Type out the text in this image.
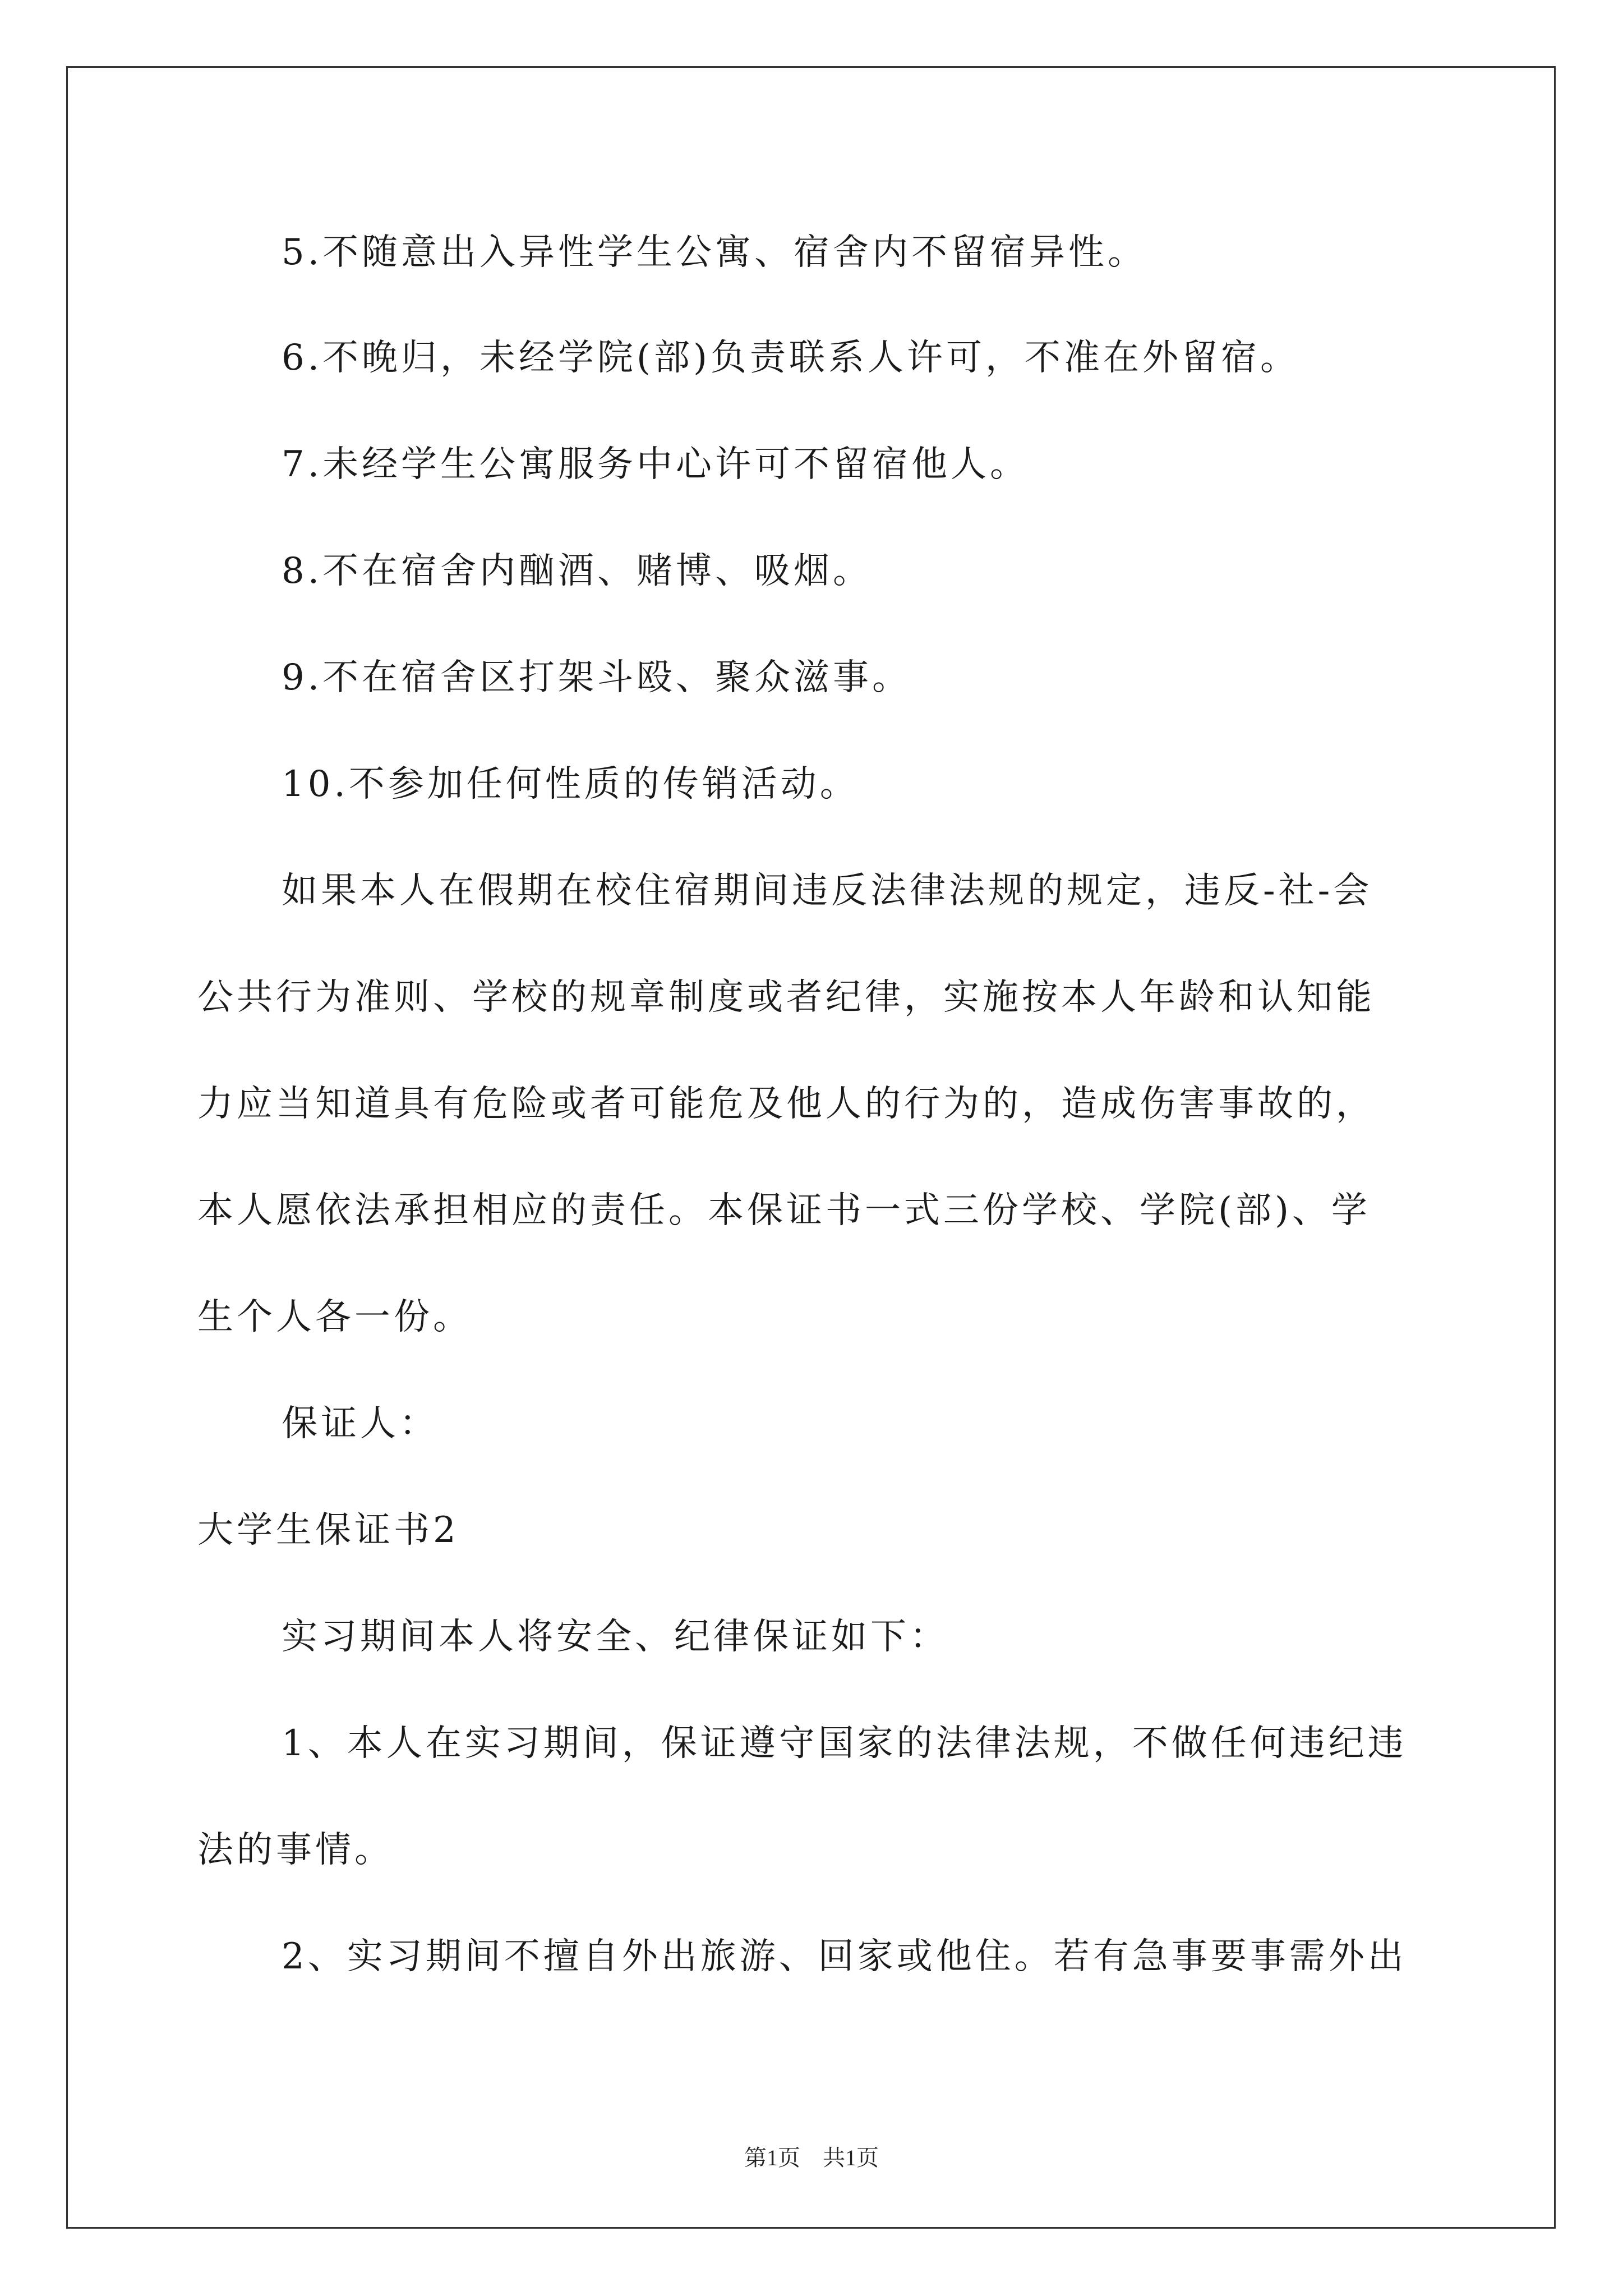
5.不随意出入异性学生公寓、宿舍内不留宿异性。
6.不晚归，未经学院(部)负责联系人许可，不准在外留宿。
7.未经学生公寓服务中心许可不留宿他人。
8.不在宿舍内酗酒、赌博、吸烟。
9.不在宿舍区打架斗殴、聚众滋事。
10.不参加任何性质的传销活动。
如果本人在假期在校住宿期间违反法律法规的规定，违反-社-会
公共行为准则、学校的规章制度或者纪律，实施按本人年龄和认知能
力应当知道具有危险或者可能危及他人的行为的，造成伤害事故的，
本人愿依法承担相应的责任。本保证书一式三份学校、学院(部)、学
生个人各一份。
保证人：
大学生保证书2
实习期间本人将安全、纪律保证如下：
1、本人在实习期间，保证遵守国家的法律法规，不做任何违纪违
法的事情。
2、实习期间不擅自外出旅游、回家或他住。若有急事要事需外出
第1页　共1页
